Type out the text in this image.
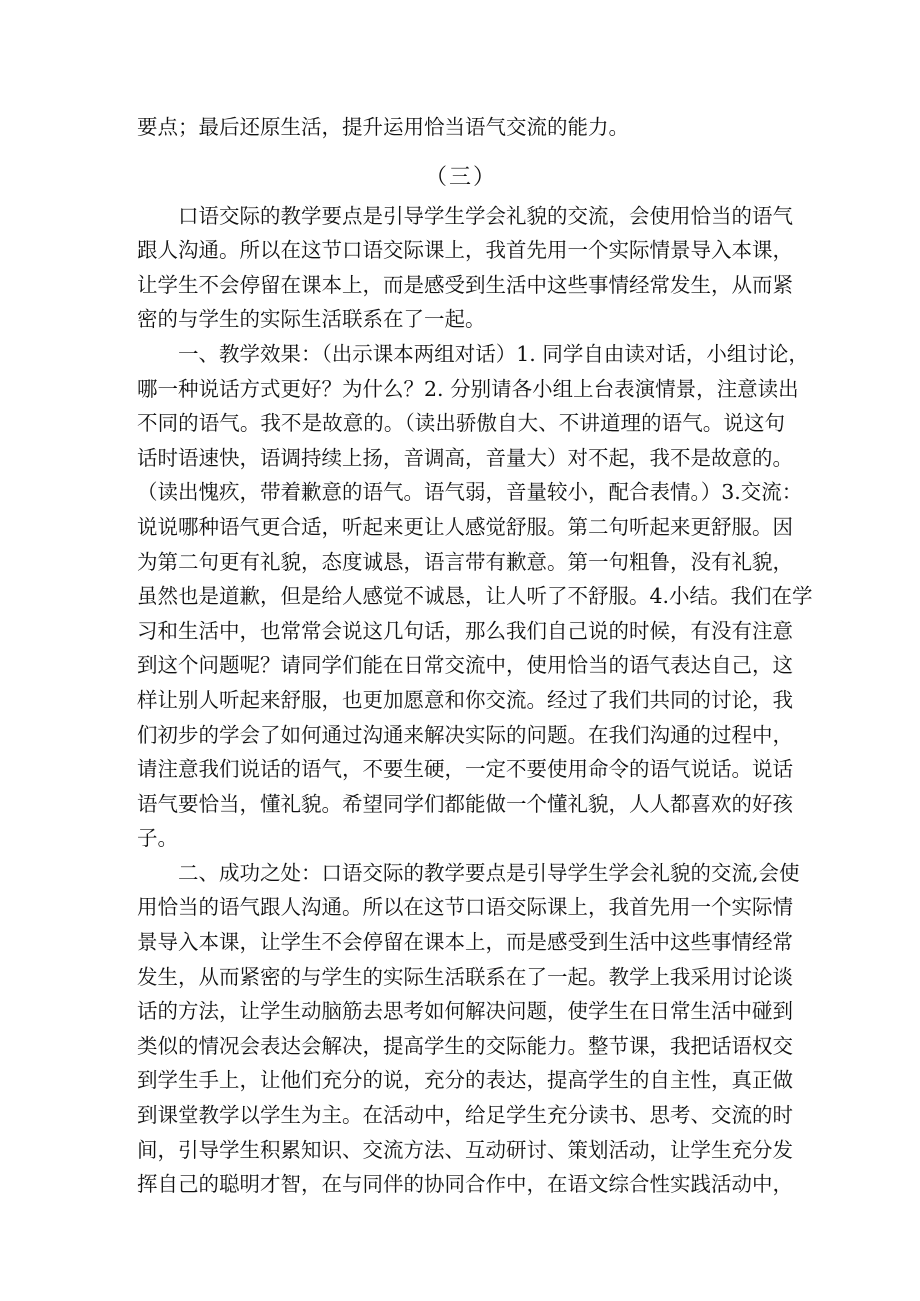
要点；最后还原生活，提升运用恰当语气交流的能力。

（三）

　　口语交际的教学要点是引导学生学会礼貌的交流，会使用恰当的语气

跟人沟通。所以在这节口语交际课上，我首先用一个实际情景导入本课，

让学生不会停留在课本上，而是感受到生活中这些事情经常发生，从而紧

密的与学生的实际生活联系在了一起。

　　一、教学效果：（出示课本两组对话）1. 同学自由读对话，小组讨论，

哪一种说话方式更好？为什么？2. 分别请各小组上台表演情景，注意读出

不同的语气。我不是故意的。（读出骄傲自大、不讲道理的语气。说这句

话时语速快，语调持续上扬，音调高，音量大）对不起，我不是故意的。

（读出愧疚，带着歉意的语气。语气弱，音量较小，配合表情。）3.交流：

说说哪种语气更合适，听起来更让人感觉舒服。第二句听起来更舒服。因

为第二句更有礼貌，态度诚恳，语言带有歉意。第一句粗鲁，没有礼貌，

虽然也是道歉，但是给人感觉不诚恳，让人听了不舒服。4.小结。我们在学

习和生活中，也常常会说这几句话，那么我们自己说的时候，有没有注意

到这个问题呢？请同学们能在日常交流中，使用恰当的语气表达自己，这

样让别人听起来舒服，也更加愿意和你交流。经过了我们共同的讨论，我

们初步的学会了如何通过沟通来解决实际的问题。在我们沟通的过程中，

请注意我们说话的语气，不要生硬，一定不要使用命令的语气说话。说话

语气要恰当，懂礼貌。希望同学们都能做一个懂礼貌，人人都喜欢的好孩

子。

　　二、成功之处：口语交际的教学要点是引导学生学会礼貌的交流,会使

用恰当的语气跟人沟通。所以在这节口语交际课上，我首先用一个实际情

景导入本课，让学生不会停留在课本上，而是感受到生活中这些事情经常

发生，从而紧密的与学生的实际生活联系在了一起。教学上我采用讨论谈

话的方法，让学生动脑筋去思考如何解决问题，使学生在日常生活中碰到

类似的情况会表达会解决，提高学生的交际能力。整节课，我把话语权交

到学生手上，让他们充分的说，充分的表达，提高学生的自主性，真正做

到课堂教学以学生为主。在活动中，给足学生充分读书、思考、交流的时

间，引导学生积累知识、交流方法、互动研讨、策划活动，让学生充分发

挥自己的聪明才智，在与同伴的协同合作中，在语文综合性实践活动中，
